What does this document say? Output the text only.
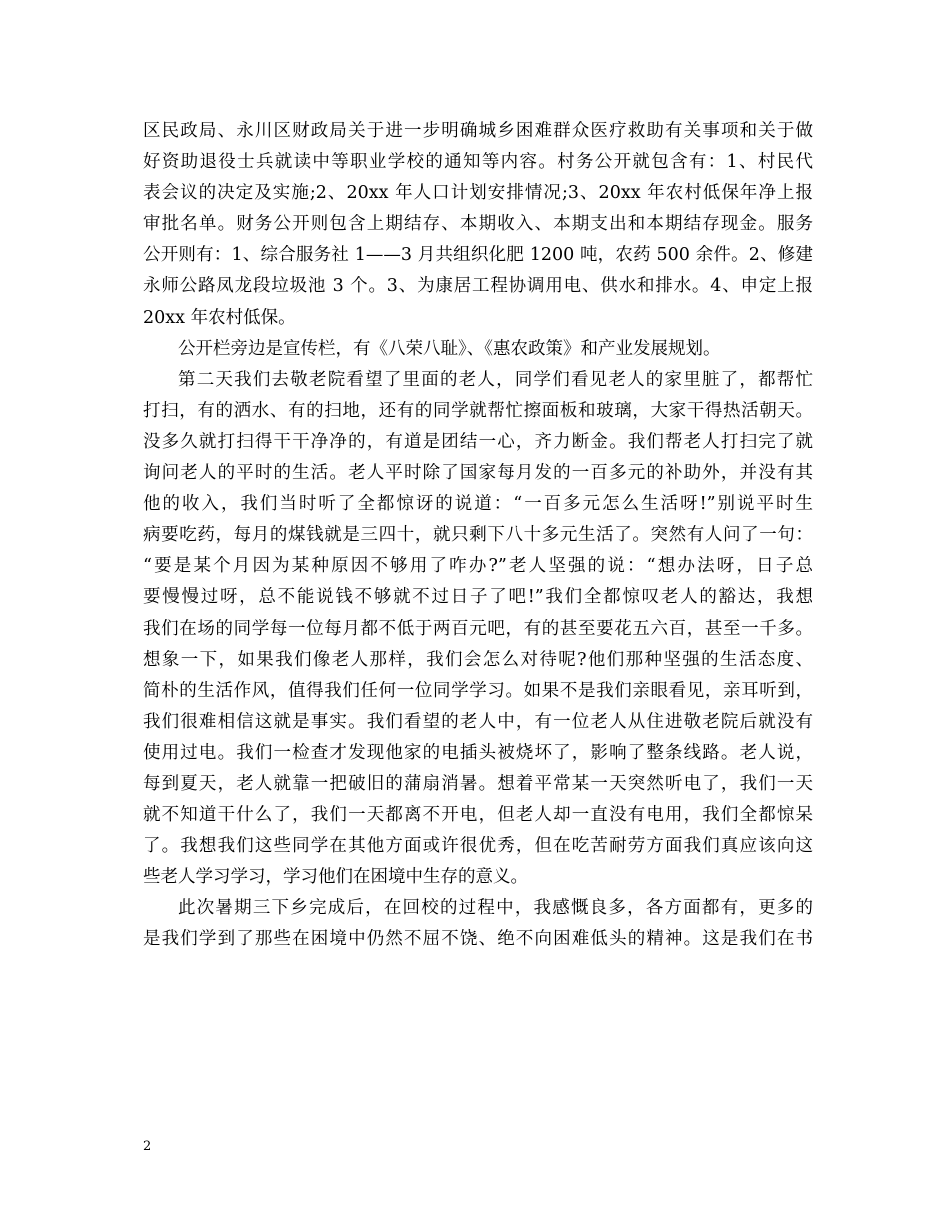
区民政局、永川区财政局关于进一步明确城乡困难群众医疗救助有关事项和关于做
好资助退役士兵就读中等职业学校的通知等内容。村务公开就包含有：1、村民代
表会议的决定及实施;2、20xx 年人口计划安排情况;3、20xx 年农村低保年净上报
审批名单。财务公开则包含上期结存、本期收入、本期支出和本期结存现金。服务
公开则有：1、综合服务社 1——3 月共组织化肥 1200 吨，农药 500 余件。2、修建
永师公路凤龙段垃圾池 3 个。3、为康居工程协调用电、供水和排水。4、申定上报
20xx 年农村低保。
公开栏旁边是宣传栏，有《八荣八耻》、《惠农政策》和产业发展规划。
第二天我们去敬老院看望了里面的老人，同学们看见老人的家里脏了，都帮忙
打扫，有的洒水、有的扫地，还有的同学就帮忙擦面板和玻璃，大家干得热活朝天。
没多久就打扫得干干净净的，有道是团结一心，齐力断金。我们帮老人打扫完了就
询问老人的平时的生活。老人平时除了国家每月发的一百多元的补助外，并没有其
他的收入，我们当时听了全都惊讶的说道：“一百多元怎么生活呀!”别说平时生
病要吃药，每月的煤钱就是三四十，就只剩下八十多元生活了。突然有人问了一句：
“要是某个月因为某种原因不够用了咋办?”老人坚强的说：“想办法呀，日子总
要慢慢过呀，总不能说钱不够就不过日子了吧!”我们全都惊叹老人的豁达，我想
我们在场的同学每一位每月都不低于两百元吧，有的甚至要花五六百，甚至一千多。
想象一下，如果我们像老人那样，我们会怎么对待呢?他们那种坚强的生活态度、
简朴的生活作风，值得我们任何一位同学学习。如果不是我们亲眼看见，亲耳听到，
我们很难相信这就是事实。我们看望的老人中，有一位老人从住进敬老院后就没有
使用过电。我们一检查才发现他家的电插头被烧坏了，影响了整条线路。老人说，
每到夏天，老人就靠一把破旧的蒲扇消暑。想着平常某一天突然听电了，我们一天
就不知道干什么了，我们一天都离不开电，但老人却一直没有电用，我们全都惊呆
了。我想我们这些同学在其他方面或许很优秀，但在吃苦耐劳方面我们真应该向这
些老人学习学习，学习他们在困境中生存的意义。
此次暑期三下乡完成后，在回校的过程中，我感慨良多，各方面都有，更多的
是我们学到了那些在困境中仍然不屈不饶、绝不向困难低头的精神。这是我们在书
2
